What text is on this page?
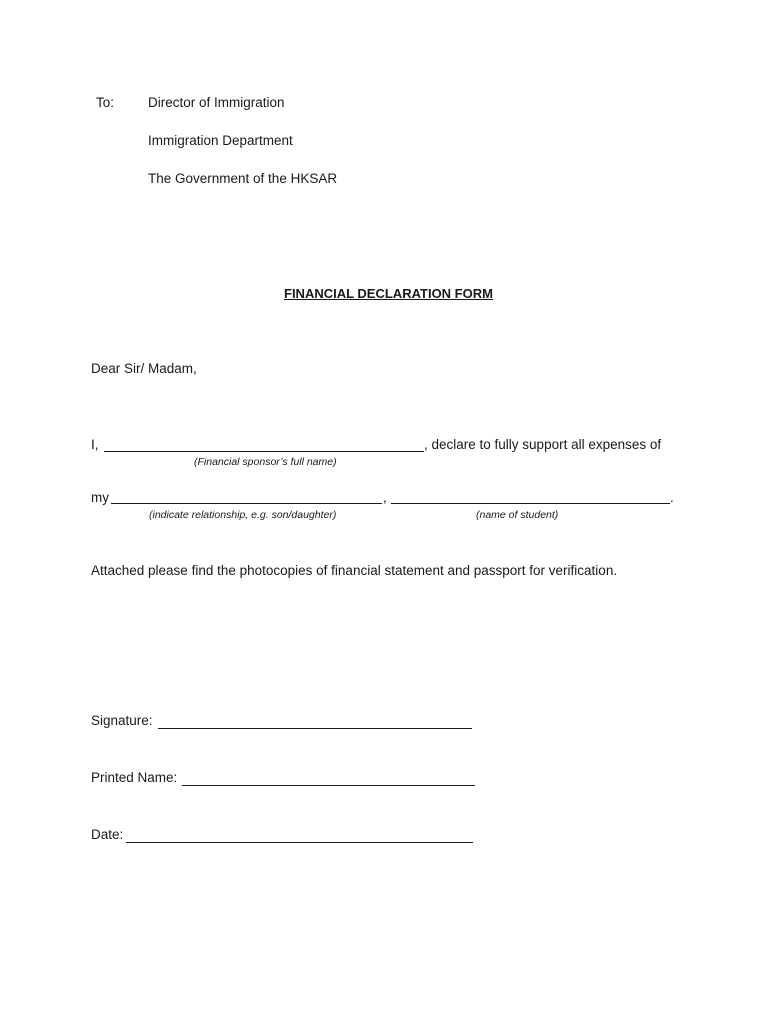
To:	Director of Immigration
Immigration Department
The Government of the HKSAR
FINANCIAL DECLARATION FORM
Dear Sir/ Madam,
I,	, declare to fully support all expenses of
(Financial sponsor’s full name)
my	,	.
(indicate relationship, e.g. son/daughter)	(name of student)
Attached please find the photocopies of financial statement and passport for verification.
Signature:
Printed Name:
Date:
